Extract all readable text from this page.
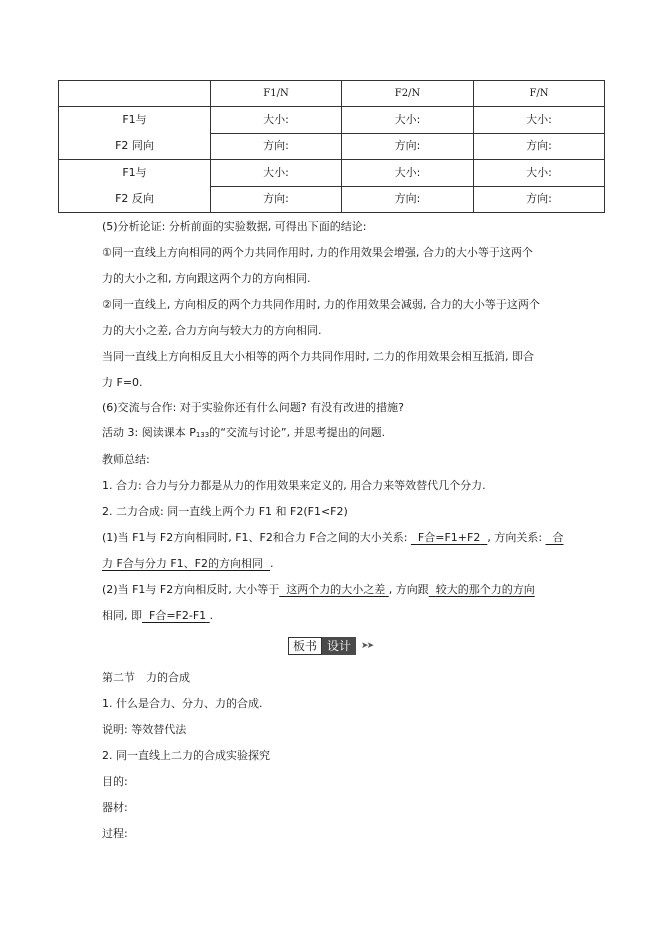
	F1/N	F2/N	F/N
F1与
F2 同向	大小:	大小:	大小:
	方向:	方向:	方向:
F1与
F2 反向	大小:	大小:	大小:
	方向:	方向:	方向:
(5)分析论证: 分析前面的实验数据, 可得出下面的结论:
①同一直线上方向相同的两个力共同作用时, 力的作用效果会增强, 合力的大小等于这两个
力的大小之和, 方向跟这两个力的方向相同.
②同一直线上, 方向相反的两个力共同作用时, 力的作用效果会减弱, 合力的大小等于这两个
力的大小之差, 合力方向与较大力的方向相同.
当同一直线上方向相反且大小相等的两个力共同作用时, 二力的作用效果会相互抵消, 即合
力 F=0.
(6)交流与合作: 对于实验你还有什么问题? 有没有改进的措施?
活动 3: 阅读课本 $P_{133}$的“交流与讨论”, 并思考提出的问题.
教师总结:
1. 合力: 合力与分力都是从力的作用效果来定义的, 用合力来等效替代几个分力.
2. 二力合成: 同一直线上两个力 F1 和 F2(F1<F2)
(1)当 F1与 F2方向相同时, F1、F2和合力 F合之间的大小关系: F合=F1+F2 , 方向关系: 合
力 F合与分力 F1、F2的方向相同 .
(2)当 F1与 F2方向相反时, 大小等于 这两个力的大小之差 , 方向跟 较大的那个力的方向
相同, 即 F合=F2-F1 .
板书 设计	➤➤
第二节　力的合成
1. 什么是合力、分力、力的合成.
说明: 等效替代法
2. 同一直线上二力的合成实验探究
目的:
器材:
过程:
